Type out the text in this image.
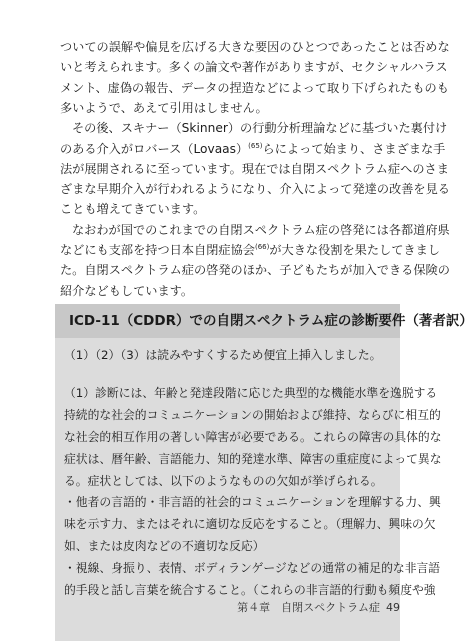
ついての誤解や偏見を広げる大きな要因のひとつであったことは否めな
いと考えられます。多くの論文や著作がありますが、セクシャルハラス
メント、虚偽の報告、データの捏造などによって取り下げられたものも
多いようで、あえて引用はしません。
その後、スキナー（Skinner）の行動分析理論などに基づいた裏付け
のある介入がロバース（Lovaas）$^{(65)}$らによって始まり、さまざまな手
法が展開されるに至っています。現在では自閉スペクトラム症へのさま
ざまな早期介入が行われるようになり、介入によって発達の改善を見る
ことも増えてきています。
なおわが国でのこれまでの自閉スペクトラム症の啓発には各都道府県
などにも支部を持つ日本自閉症協会$^{(66)}$が大きな役割を果たしてきまし
た。自閉スペクトラム症の啓発のほか、子どもたちが加入できる保険の
紹介などもしています。
ICD-11（CDDR）での自閉スペクトラム症の診断要件（著者訳）
（1）（2）（3）は読みやすくするため便宜上挿入しました。
（1）診断には、年齢と発達段階に応じた典型的な機能水準を逸脱する
持続的な社会的コミュニケーションの開始および維持、ならびに相互的
な社会的相互作用の著しい障害が必要である。これらの障害の具体的な
症状は、暦年齢、言語能力、知的発達水準、障害の重症度によって異な
る。症状としては、以下のようなものの欠如が挙げられる。
・他者の言語的・非言語的社会的コミュニケーションを理解する力、興
味を示す力、またはそれに適切な反応をすること。（理解力、興味の欠
如、または皮肉などの不適切な反応）
・視線、身振り、表情、ボディランゲージなどの通常の補足的な非言語
的手段と話し言葉を統合すること。（これらの非言語的行動も頻度や強
第４章　自閉スペクトラム症 49
